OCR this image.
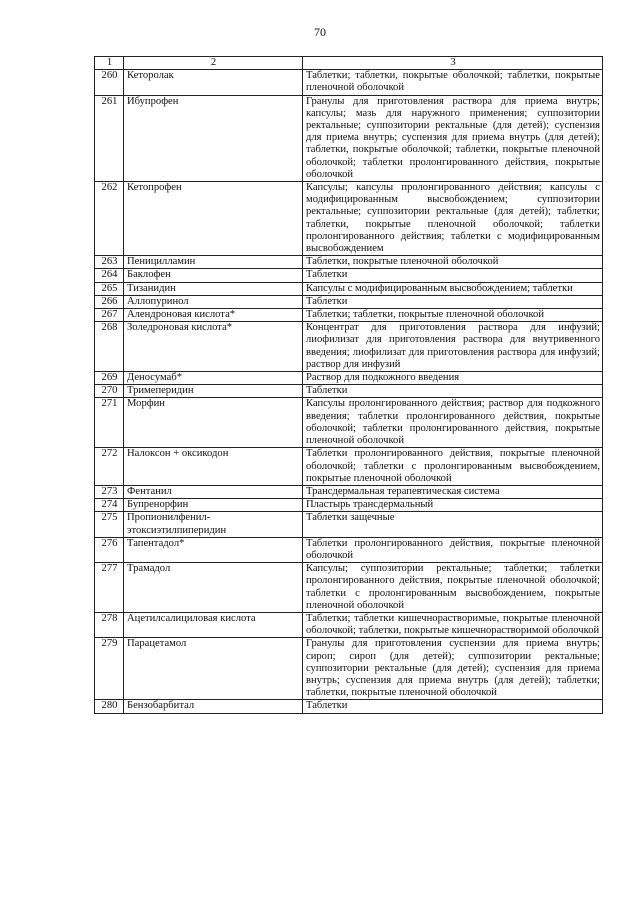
70
1	2	3
260	Кеторолак	Таблетки; таблетки, покрытые оболочкой; таблетки, покрытые пленочной оболочкой
261	Ибупрофен	Гранулы для приготовления раствора для приема внутрь; капсулы; мазь для наружного применения; суппозитории ректальные; суппозитории ректальные (для детей); суспензия для приема внутрь; суспензия для приема внутрь (для детей); таблетки, покрытые оболочкой; таблетки, покрытые пленочной оболочкой; таблетки пролонгированного действия, покрытые оболочкой
262	Кетопрофен	Капсулы; капсулы пролонгированного действия; капсулы с модифицированным высвобождением; суппозитории ректальные; суппозитории ректальные (для детей); таблетки; таблетки, покрытые пленочной оболочкой; таблетки пролонгированного действия; таблетки с модифицированным высвобождением
263	Пеницилламин	Таблетки, покрытые пленочной оболочкой
264	Баклофен	Таблетки
265	Тизанидин	Капсулы с модифицированным высвобождением; таблетки
266	Аллопуринол	Таблетки
267	Алендроновая кислота*	Таблетки; таблетки, покрытые пленочной оболочкой
268	Золедроновая кислота*	Концентрат для приготовления раствора для инфузий; лиофилизат для приготовления раствора для внутривенного введения; лиофилизат для приготовления раствора для инфузий; раствор для инфузий
269	Деносумаб*	Раствор для подкожного введения
270	Тримеперидин	Таблетки
271	Морфин	Капсулы пролонгированного действия; раствор для подкожного введения; таблетки пролонгированного действия, покрытые оболочкой; таблетки пролонгированного действия, покрытые пленочной оболочкой
272	Налоксон + оксикодон	Таблетки пролонгированного действия, покрытые пленочной оболочкой; таблетки с пролонгированным высвобождением, покрытые пленочной оболочкой
273	Фентанил	Трансдермальная терапевтическая система
274	Бупренорфин	Пластырь трансдермальный
275	Пропионилфенил-этоксиэтилпиперидин	Таблетки защечные
276	Тапентадол*	Таблетки пролонгированного действия, покрытые пленочной оболочкой
277	Трамадол	Капсулы; суппозитории ректальные; таблетки; таблетки пролонгированного действия, покрытые пленочной оболочкой; таблетки с пролонгированным высвобождением, покрытые пленочной оболочкой
278	Ацетилсалициловая кислота	Таблетки; таблетки кишечнорастворимые, покрытые пленочной оболочкой; таблетки, покрытые кишечнорастворимой оболочкой
279	Парацетамол	Гранулы для приготовления суспензии для приема внутрь; сироп; сироп (для детей); суппозитории ректальные; суппозитории ректальные (для детей); суспензия для приема внутрь; суспензия для приема внутрь (для детей); таблетки; таблетки, покрытые пленочной оболочкой
280	Бензобарбитал	Таблетки
